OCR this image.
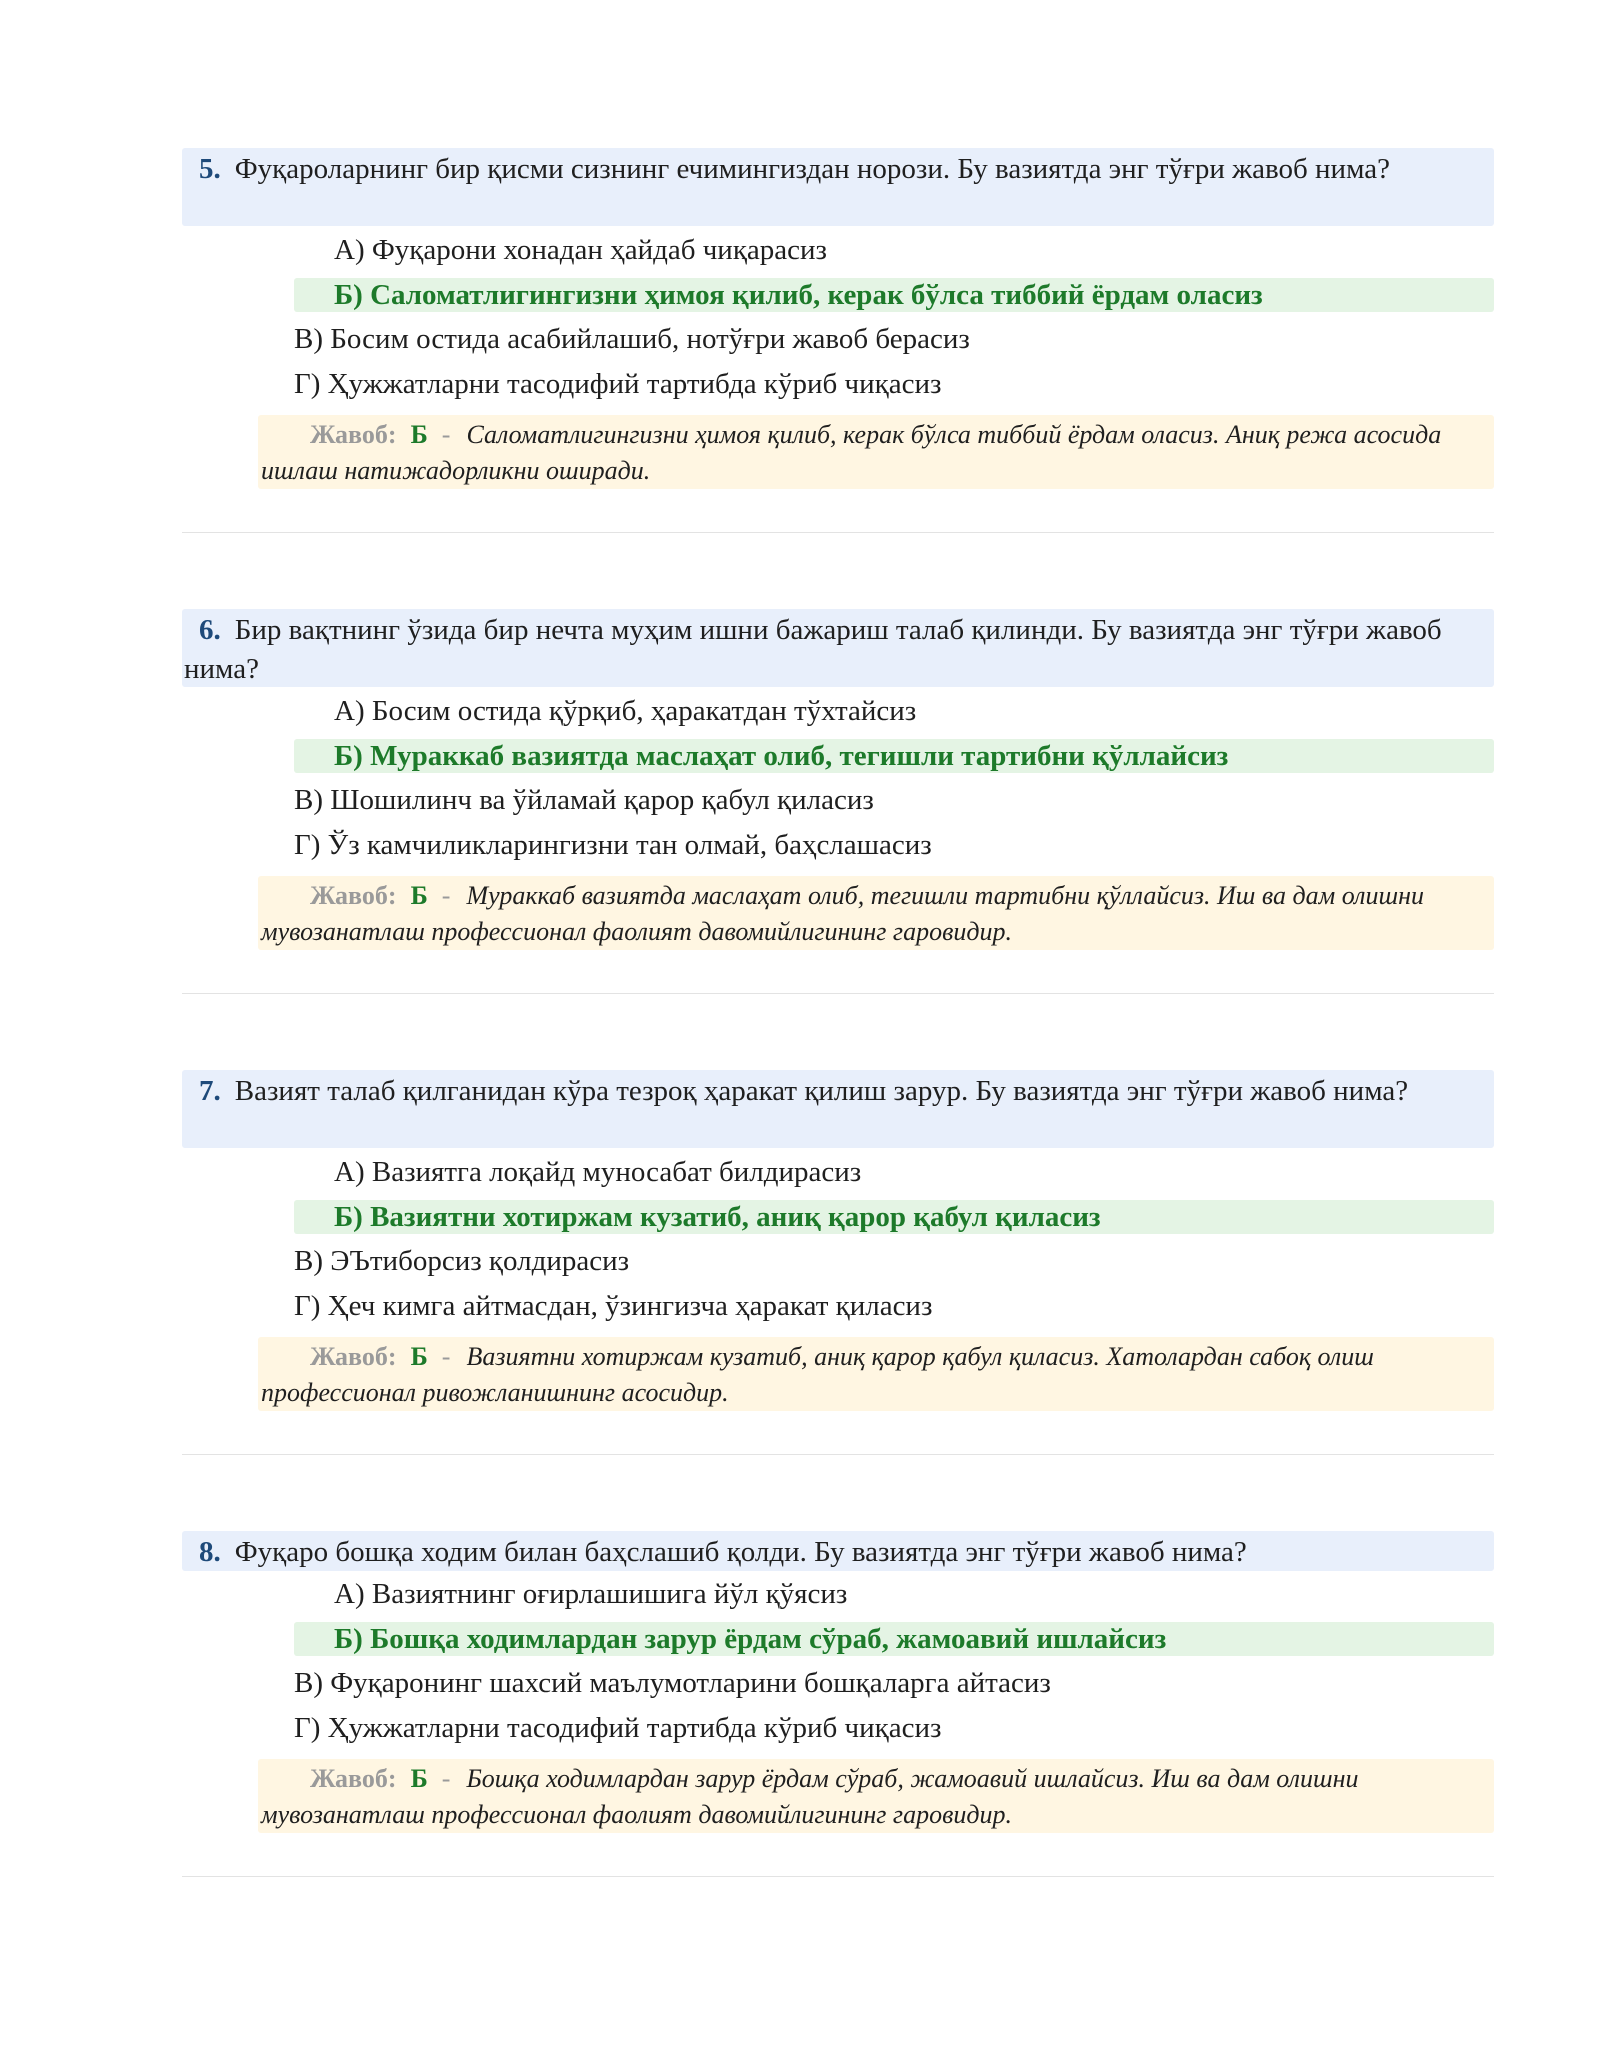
5. Фуқароларнинг бир қисми сизнинг ечимингиздан норози. Бу вазиятда энг тўғри жавоб нима?
А) Фуқарони хонадан ҳайдаб чиқарасиз
Б) Саломатлигингизни ҳимоя қилиб, керак бўлса тиббий ёрдам оласиз
В) Босим остида асабийлашиб, нотўғри жавоб берасиз
Г) Ҳужжатларни тасодифий тартибда кўриб чиқасиз
Жавоб: Б - Саломатлигингизни ҳимоя қилиб, керак бўлса тиббий ёрдам оласиз. Аниқ режа асосида ишлаш натижадорликни оширади.
6. Бир вақтнинг ўзида бир нечта муҳим ишни бажариш талаб қилинди. Бу вазиятда энг тўғри жавоб нима?
А) Босим остида қўрқиб, ҳаракатдан тўхтайсиз
Б) Мураккаб вазиятда маслаҳат олиб, тегишли тартибни қўллайсиз
В) Шошилинч ва ўйламай қарор қабул қиласиз
Г) Ўз камчиликларингизни тан олмай, баҳслашасиз
Жавоб: Б - Мураккаб вазиятда маслаҳат олиб, тегишли тартибни қўллайсиз. Иш ва дам олишни мувозанатлаш профессионал фаолият давомийлигининг гаровидир.
7. Вазият талаб қилганидан кўра тезроқ ҳаракат қилиш зарур. Бу вазиятда энг тўғри жавоб нима?
А) Вазиятга лоқайд муносабат билдирасиз
Б) Вазиятни хотиржам кузатиб, аниқ қарор қабул қиласиз
В) ЭЪтиборсиз қолдирасиз
Г) Ҳеч кимга айтмасдан, ўзингизча ҳаракат қиласиз
Жавоб: Б - Вазиятни хотиржам кузатиб, аниқ қарор қабул қиласиз. Хатолардан сабоқ олиш профессионал ривожланишнинг асосидир.
8. Фуқаро бошқа ходим билан баҳслашиб қолди. Бу вазиятда энг тўғри жавоб нима?
А) Вазиятнинг оғирлашишига йўл қўясиз
Б) Бошқа ходимлардан зарур ёрдам сўраб, жамоавий ишлайсиз
В) Фуқаронинг шахсий маълумотларини бошқаларга айтасиз
Г) Ҳужжатларни тасодифий тартибда кўриб чиқасиз
Жавоб: Б - Бошқа ходимлардан зарур ёрдам сўраб, жамоавий ишлайсиз. Иш ва дам олишни мувозанатлаш профессионал фаолият давомийлигининг гаровидир.
